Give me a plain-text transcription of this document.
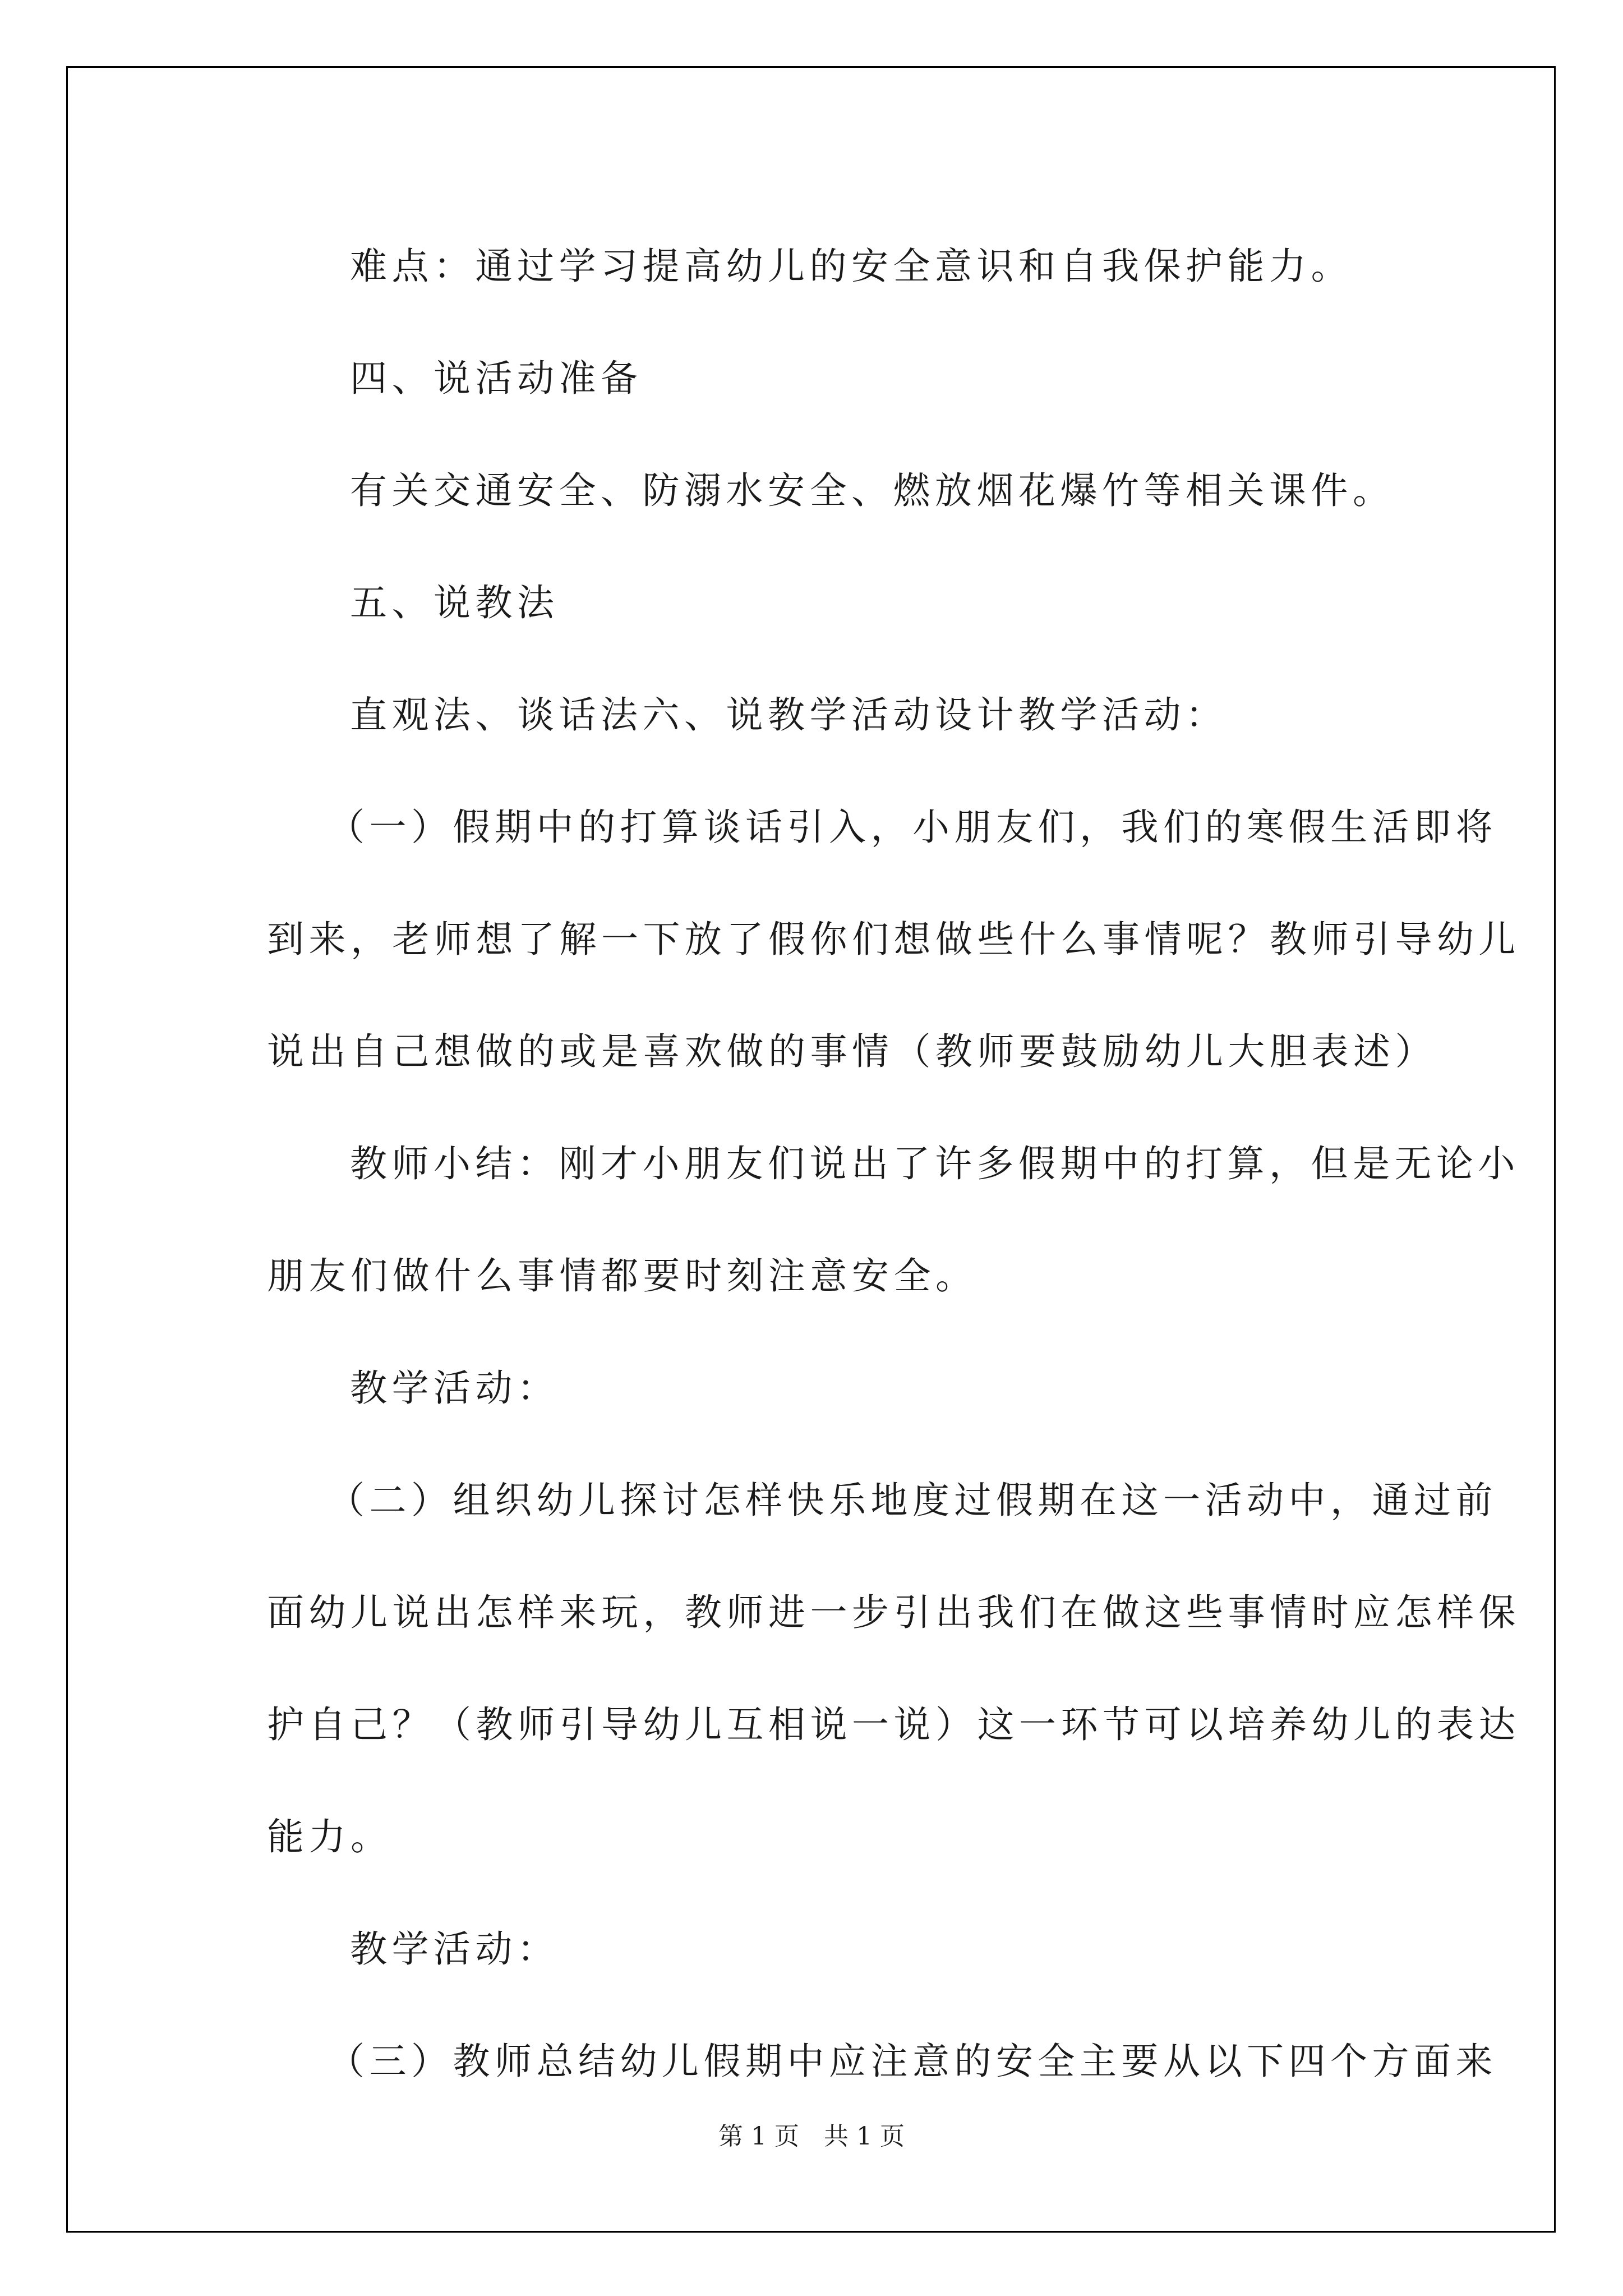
难点：通过学习提高幼儿的安全意识和自我保护能力。
四、说活动准备
有关交通安全、防溺水安全、燃放烟花爆竹等相关课件。
五、说教法
直观法、谈话法六、说教学活动设计教学活动：
（一）假期中的打算谈话引入，小朋友们，我们的寒假生活即将
到来，老师想了解一下放了假你们想做些什么事情呢？教师引导幼儿
说出自己想做的或是喜欢做的事情（教师要鼓励幼儿大胆表述）
教师小结：刚才小朋友们说出了许多假期中的打算，但是无论小
朋友们做什么事情都要时刻注意安全。
教学活动：
（二）组织幼儿探讨怎样快乐地度过假期在这一活动中，通过前
面幼儿说出怎样来玩，教师进一步引出我们在做这些事情时应怎样保
护自己？（教师引导幼儿互相说一说）这一环节可以培养幼儿的表达
能力。
教学活动：
（三）教师总结幼儿假期中应注意的安全主要从以下四个方面来
第 1 页　共 1 页
